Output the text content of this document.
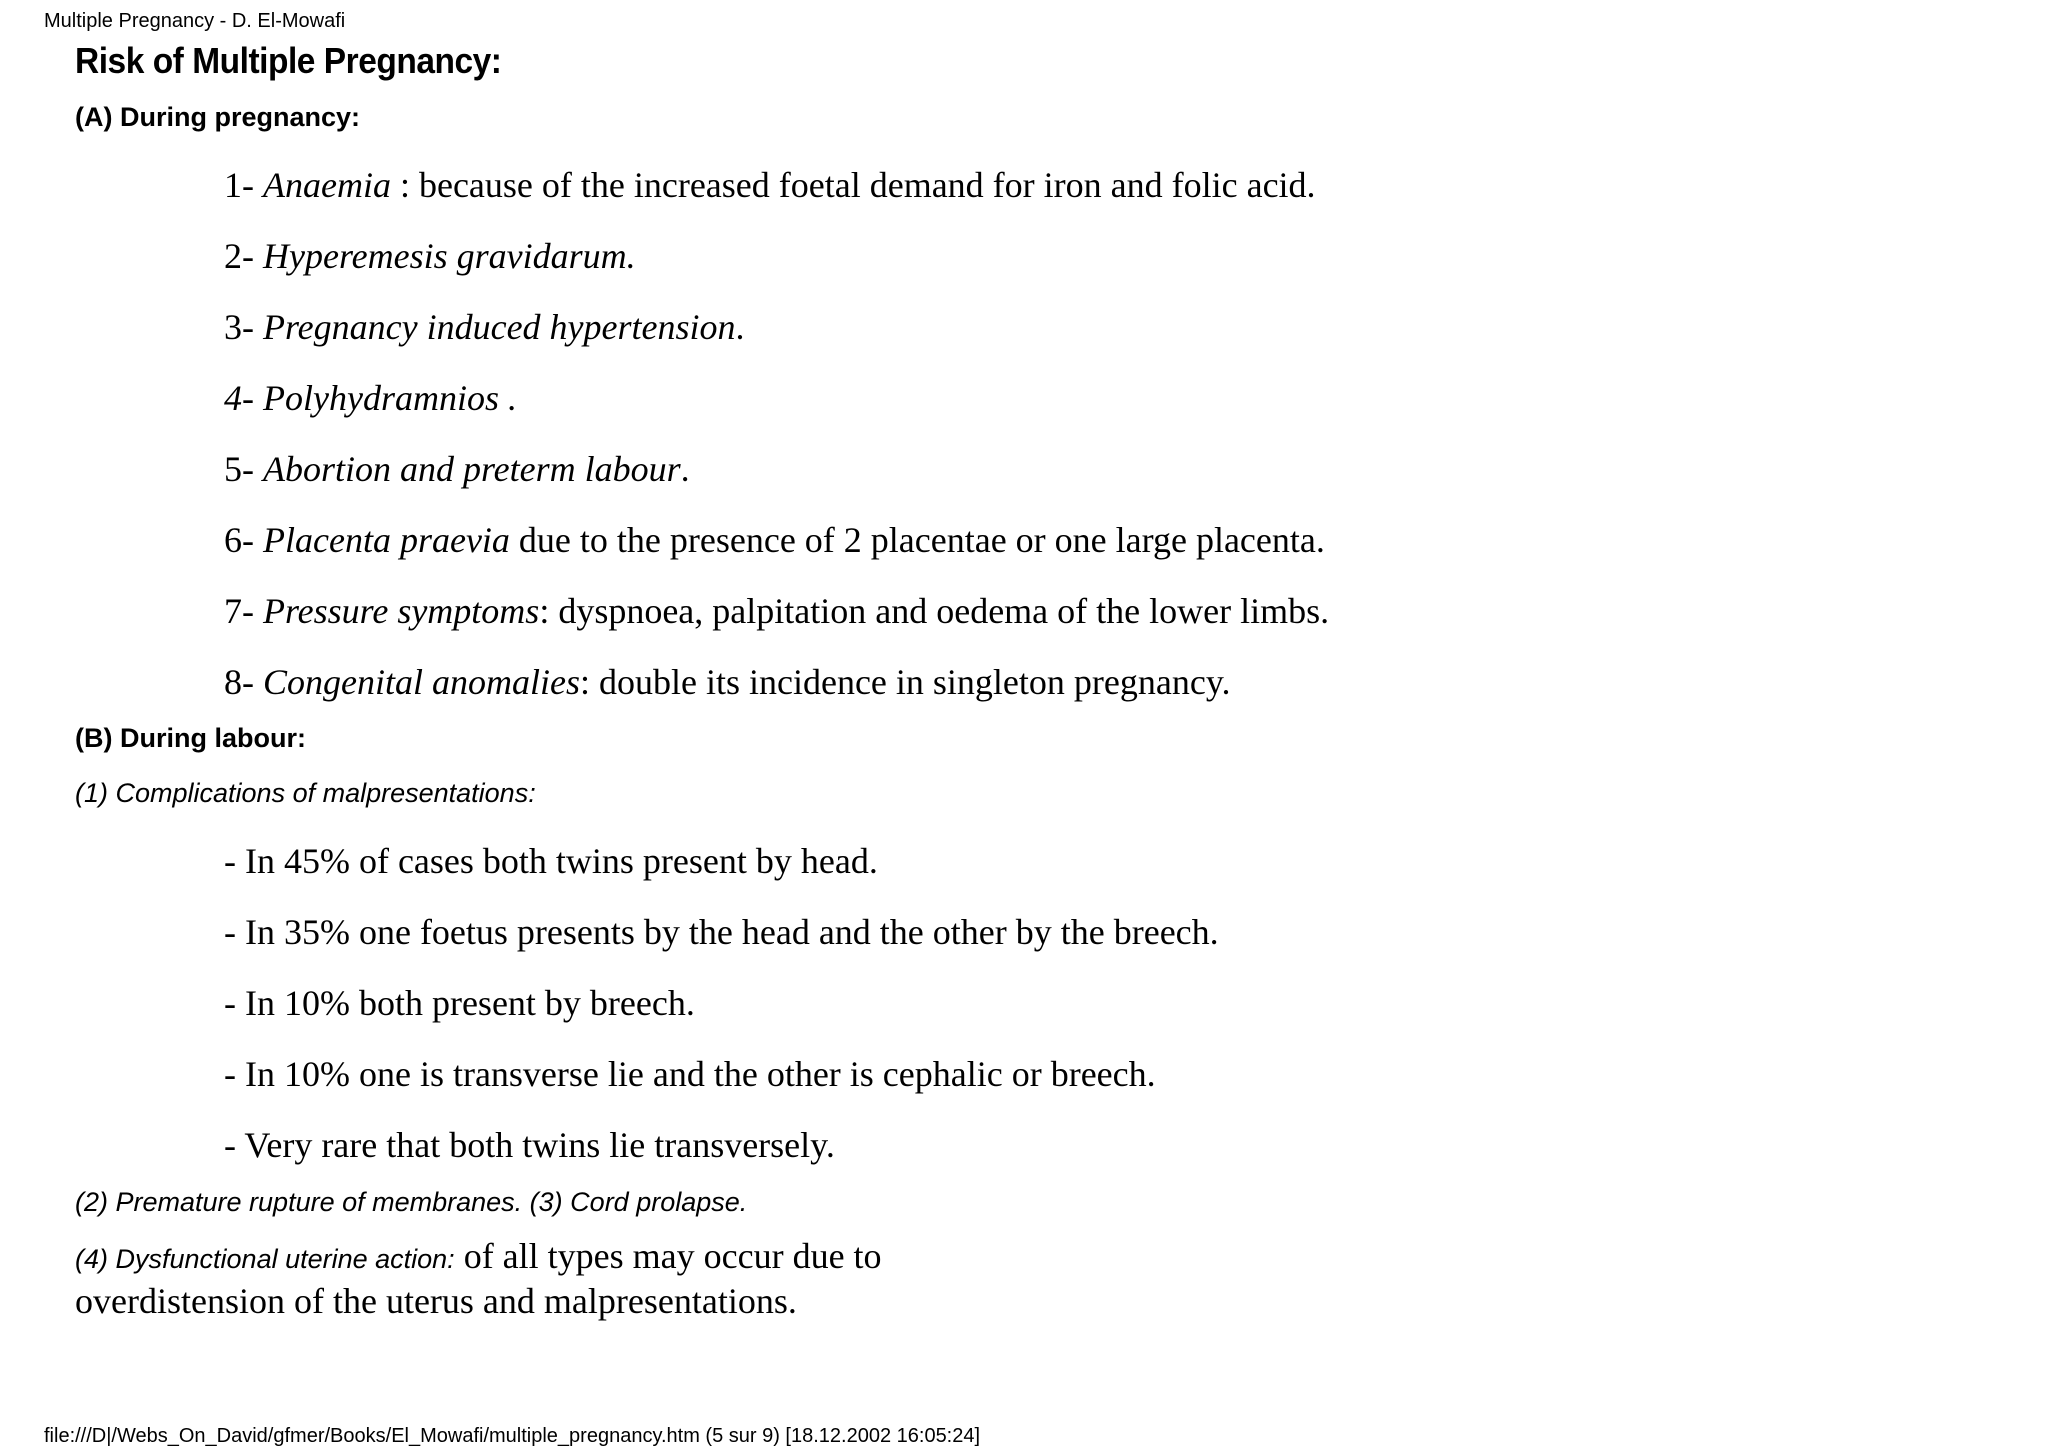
Multiple Pregnancy - D. El-Mowafi
Risk of Multiple Pregnancy:
(A) During pregnancy:
1- Anaemia : because of the increased foetal demand for iron and folic acid.
2- Hyperemesis gravidarum.
3- Pregnancy induced hypertension.
4- Polyhydramnios .
5- Abortion and preterm labour.
6- Placenta praevia due to the presence of 2 placentae or one large placenta.
7- Pressure symptoms: dyspnoea, palpitation and oedema of the lower limbs.
8- Congenital anomalies: double its incidence in singleton pregnancy.
(B) During labour:
(1) Complications of malpresentations:
- In 45% of cases both twins present by head.
- In 35% one foetus presents by the head and the other by the breech.
- In 10% both present by breech.
- In 10% one is transverse lie and the other is cephalic or breech.
- Very rare that both twins lie transversely.
(2) Premature rupture of membranes. (3) Cord prolapse.
(4) Dysfunctional uterine action: of all types may occur due to overdistension of the uterus and malpresentations.
file:///D|/Webs_On_David/gfmer/Books/El_Mowafi/multiple_pregnancy.htm (5 sur 9) [18.12.2002 16:05:24]
